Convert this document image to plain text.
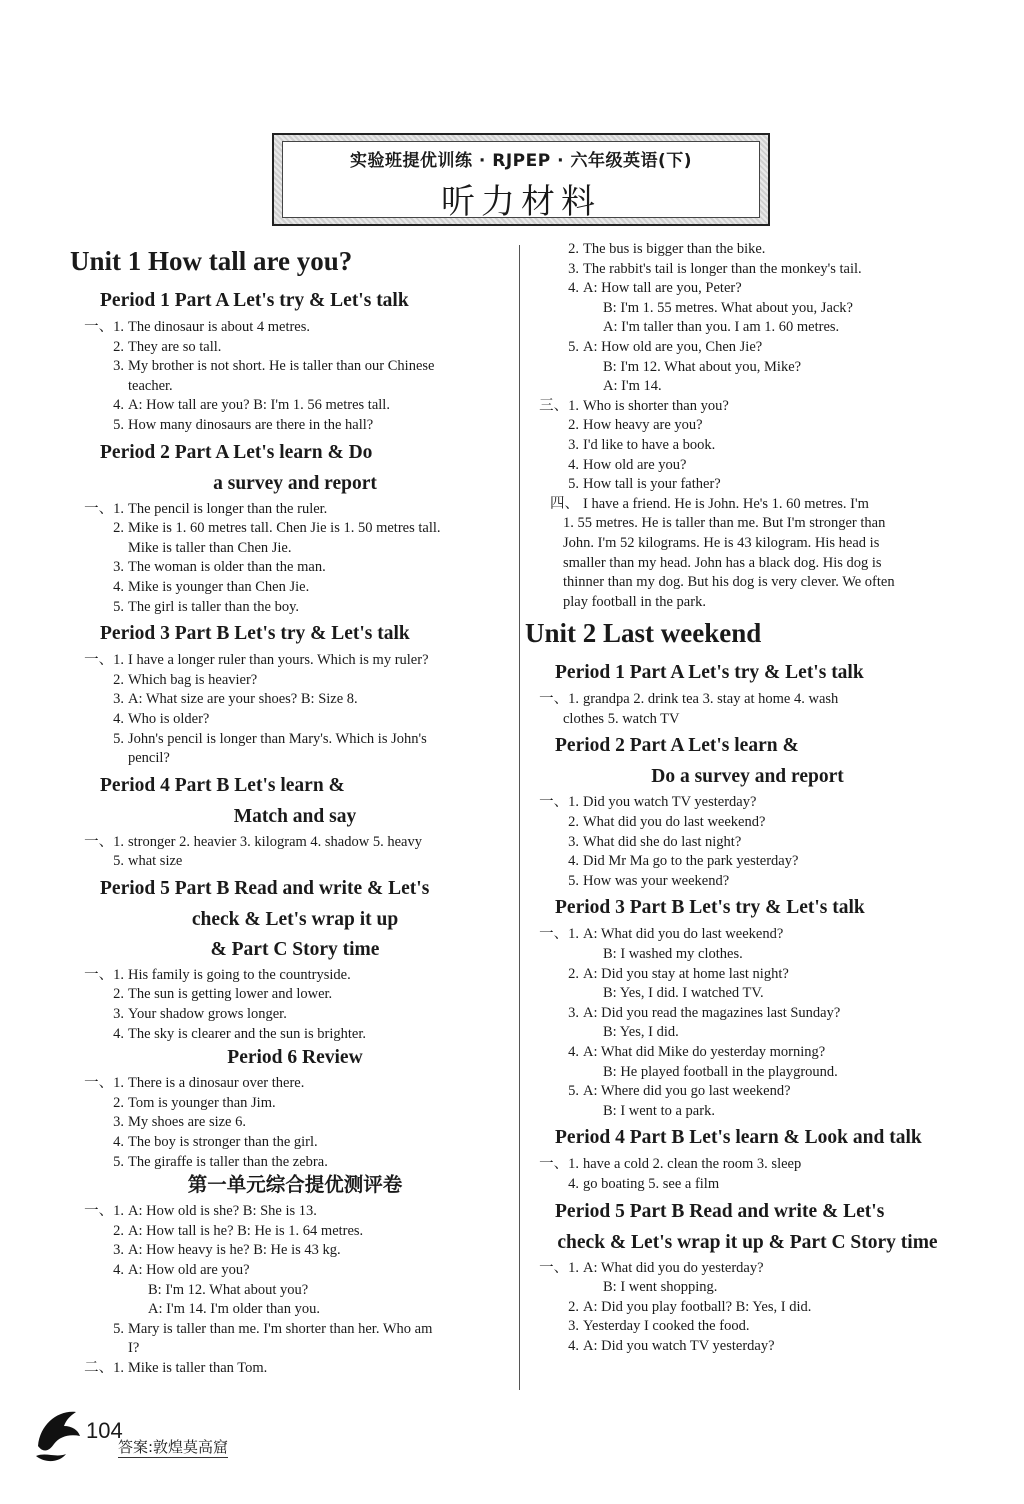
实验班提优训练 · RJPEP · 六年级英语(下)
听力材料
Unit 1 How tall are you?
Period 1 Part A Let's try & Let's talk
一、1. The dinosaur is about 4 metres.
2. They are so tall.
3. My brother is not short. He is taller than our Chinese
teacher.
4. A: How tall are you? B: I'm 1. 56 metres tall.
5. How many dinosaurs are there in the hall?
Period 2 Part A Let's learn & Do
a survey and report
一、1. The pencil is longer than the ruler.
2. Mike is 1. 60 metres tall. Chen Jie is 1. 50 metres tall.
Mike is taller than Chen Jie.
3. The woman is older than the man.
4. Mike is younger than Chen Jie.
5. The girl is taller than the boy.
Period 3 Part B Let's try & Let's talk
一、1. I have a longer ruler than yours. Which is my ruler?
2. Which bag is heavier?
3. A: What size are your shoes? B: Size 8.
4. Who is older?
5. John's pencil is longer than Mary's. Which is John's
pencil?
Period 4 Part B Let's learn &
Match and say
一、1. stronger 2. heavier 3. kilogram 4. shadow 5. heavy
5. what size
Period 5 Part B Read and write & Let's
check & Let's wrap it up
& Part C Story time
一、1. His family is going to the countryside.
2. The sun is getting lower and lower.
3. Your shadow grows longer.
4. The sky is clearer and the sun is brighter.
Period 6 Review
一、1. There is a dinosaur over there.
2. Tom is younger than Jim.
3. My shoes are size 6.
4. The boy is stronger than the girl.
5. The giraffe is taller than the zebra.
第一单元综合提优测评卷
一、1. A: How old is she? B: She is 13.
2. A: How tall is he? B: He is 1. 64 metres.
3. A: How heavy is he? B: He is 43 kg.
4. A: How old are you?
B: I'm 12. What about you?
A: I'm 14. I'm older than you.
5. Mary is taller than me. I'm shorter than her. Who am
I?
二、1. Mike is taller than Tom.
2. The bus is bigger than the bike.
3. The rabbit's tail is longer than the monkey's tail.
4. A: How tall are you, Peter?
B: I'm 1. 55 metres. What about you, Jack?
A: I'm taller than you. I am 1. 60 metres.
5. A: How old are you, Chen Jie?
B: I'm 12. What about you, Mike?
A: I'm 14.
三、1. Who is shorter than you?
2. How heavy are you?
3. I'd like to have a book.
4. How old are you?
5. How tall is your father?
四、 I have a friend. He is John. He's 1. 60 metres. I'm
1. 55 metres. He is taller than me. But I'm stronger than
John. I'm 52 kilograms. He is 43 kilogram. His head is
smaller than my head. John has a black dog. His dog is
thinner than my dog. But his dog is very clever. We often
play football in the park.
Unit 2 Last weekend
Period 1 Part A Let's try & Let's talk
一、1. grandpa 2. drink tea 3. stay at home 4. wash
clothes 5. watch TV
Period 2 Part A Let's learn &
Do a survey and report
一、1. Did you watch TV yesterday?
2. What did you do last weekend?
3. What did she do last night?
4. Did Mr Ma go to the park yesterday?
5. How was your weekend?
Period 3 Part B Let's try & Let's talk
一、1. A: What did you do last weekend?
B: I washed my clothes.
2. A: Did you stay at home last night?
B: Yes, I did. I watched TV.
3. A: Did you read the magazines last Sunday?
B: Yes, I did.
4. A: What did Mike do yesterday morning?
B: He played football in the playground.
5. A: Where did you go last weekend?
B: I went to a park.
Period 4 Part B Let's learn & Look and talk
一、1. have a cold 2. clean the room 3. sleep
4. go boating 5. see a film
Period 5 Part B Read and write & Let's
check & Let's wrap it up & Part C Story time
一、1. A: What did you do yesterday?
B: I went shopping.
2. A: Did you play football? B: Yes, I did.
3. Yesterday I cooked the food.
4. A: Did you watch TV yesterday?
104
答案:敦煌莫高窟
